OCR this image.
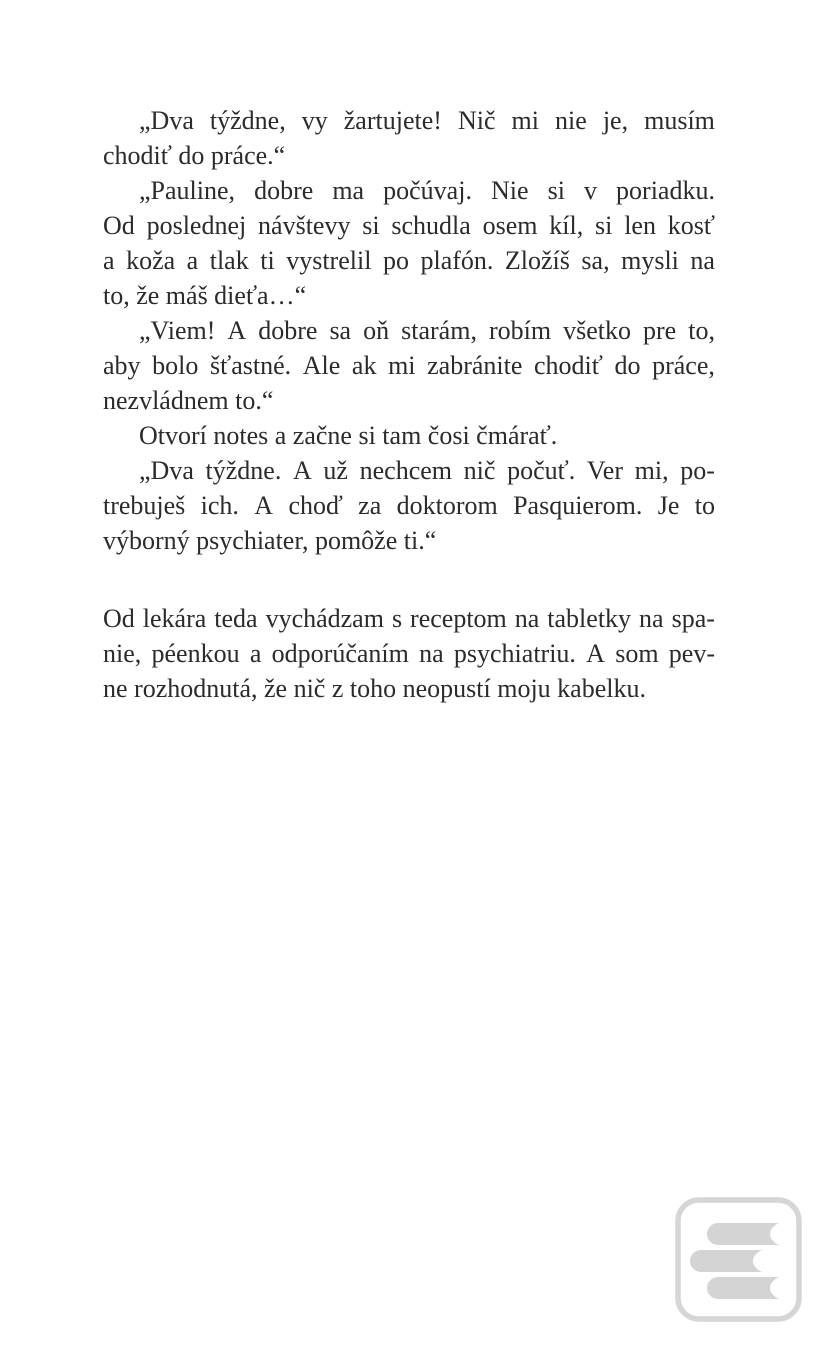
„Dva týždne, vy žartujete! Nič mi nie je, musím
chodiť do práce.“
„Pauline, dobre ma počúvaj. Nie si v poriadku.
Od poslednej návštevy si schudla osem kíl, si len kosť
a koža a tlak ti vystrelil po plafón. Zložíš sa, mysli na
to, že máš dieťa…“
„Viem! A dobre sa oň starám, robím všetko pre to,
aby bolo šťastné. Ale ak mi zabránite chodiť do práce,
nezvládnem to.“
Otvorí notes a začne si tam čosi čmárať.
„Dva týždne. A už nechcem nič počuť. Ver mi, po-
trebuješ ich. A choď za doktorom Pasquierom. Je to
výborný psychiater, pomôže ti.“
Od lekára teda vychádzam s receptom na tabletky na spa-
nie, péenkou a odporúčaním na psychiatriu. A som pev-
ne rozhodnutá, že nič z toho neopustí moju kabelku.
